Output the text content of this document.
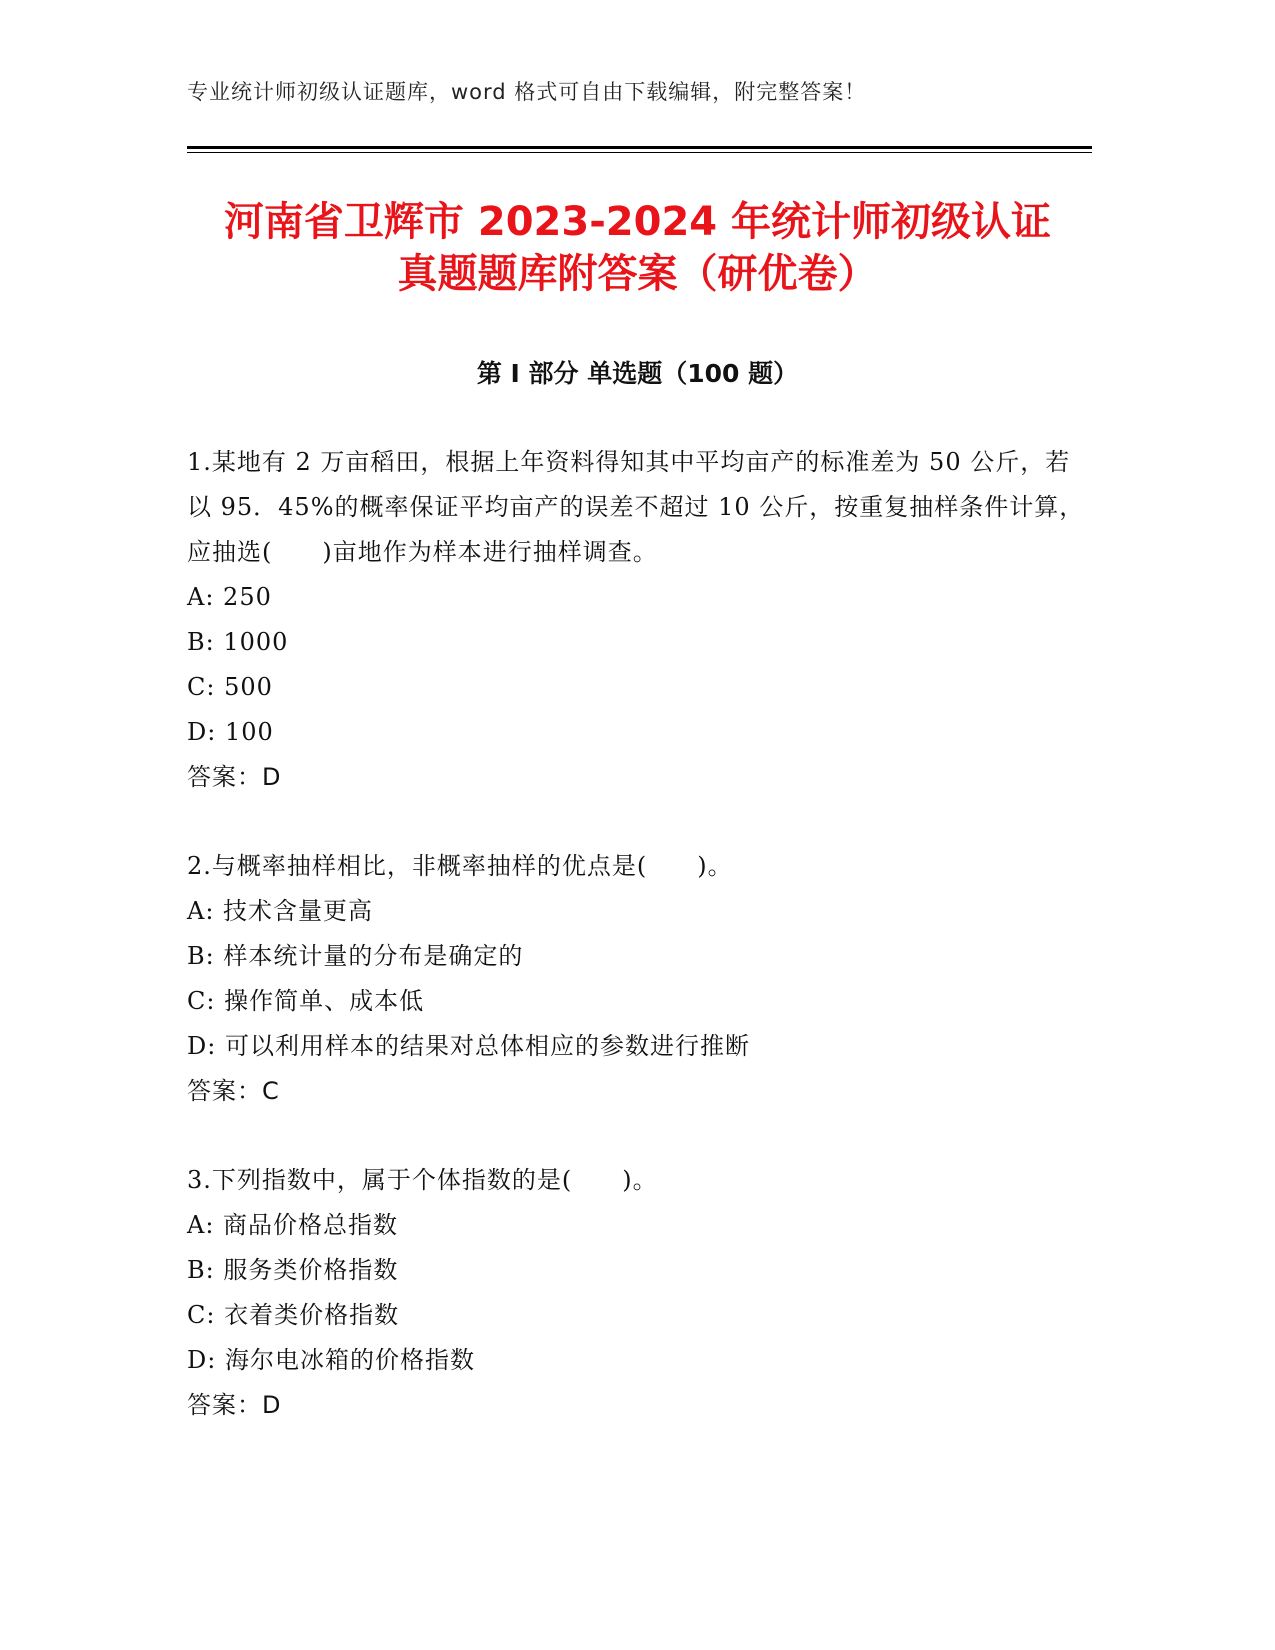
专业统计师初级认证题库，word 格式可自由下载编辑，附完整答案！
河南省卫辉市 2023-2024 年统计师初级认证
真题题库附答案（研优卷）
第 I 部分 单选题（100 题）

1.某地有 2 万亩稻田，根据上年资料得知其中平均亩产的标准差为 50 公斤，若以 95．45%的概率保证平均亩产的误差不超过 10 公斤，按重复抽样条件计算，应抽选(　　)亩地作为样本进行抽样调查。

A: 250
B: 1000
C: 500
D: 100
答案：D

2.与概率抽样相比，非概率抽样的优点是(　　)。

A: 技术含量更高
B: 样本统计量的分布是确定的
C: 操作简单、成本低
D: 可以利用样本的结果对总体相应的参数进行推断
答案：C

3.下列指数中，属于个体指数的是(　　)。

A: 商品价格总指数
B: 服务类价格指数
C: 衣着类价格指数
D: 海尔电冰箱的价格指数
答案：D
